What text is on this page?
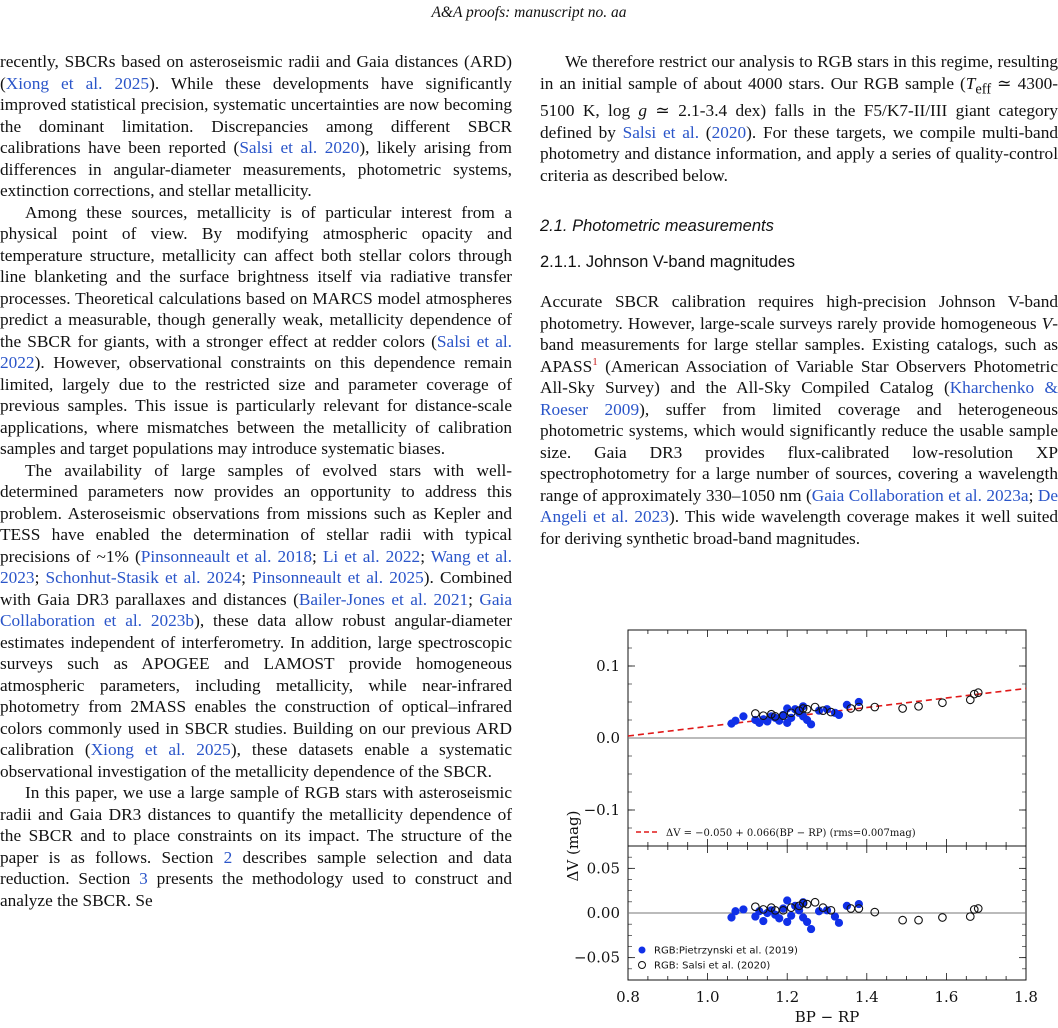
A&A proofs: manuscript no. aa

recently, SBCRs based on asteroseismic radii and Gaia distances (ARD) (Xiong et al. 2025). While these developments have significantly improved statistical precision, systematic uncertainties are now becoming the dominant limitation. Discrepancies among different SBCR calibrations have been reported (Salsi et al. 2020), likely arising from differences in angular-diameter measurements, photometric systems, extinction corrections, and stellar metallicity.

Among these sources, metallicity is of particular interest from a physical point of view. By modifying atmospheric opacity and temperature structure, metallicity can affect both stellar colors through line blanketing and the surface brightness itself via radiative transfer processes. Theoretical calculations based on MARCS model atmospheres predict a measurable, though generally weak, metallicity dependence of the SBCR for giants, with a stronger effect at redder colors (Salsi et al. 2022). However, observational constraints on this dependence remain limited, largely due to the restricted size and parameter coverage of previous samples. This issue is particularly relevant for distance-scale applications, where mismatches between the metallicity of calibration samples and target populations may introduce systematic biases.

The availability of large samples of evolved stars with well-determined parameters now provides an opportunity to address this problem. Asteroseismic observations from missions such as Kepler and TESS have enabled the determination of stellar radii with typical precisions of ~1% (Pinsonneault et al. 2018; Li et al. 2022; Wang et al. 2023; Schonhut-Stasik et al. 2024; Pinsonneault et al. 2025). Combined with Gaia DR3 parallaxes and distances (Bailer-Jones et al. 2021; Gaia Collaboration et al. 2023b), these data allow robust angular-diameter estimates independent of interferometry. In addition, large spectroscopic surveys such as APOGEE and LAMOST provide homogeneous atmospheric parameters, including metallicity, while near-infrared photometry from 2MASS enables the construction of optical–infrared colors commonly used in SBCR studies. Building on our previous ARD calibration (Xiong et al. 2025), these datasets enable a systematic observational investigation of the metallicity dependence of the SBCR.

In this paper, we use a large sample of RGB stars with asteroseismic radii and Gaia DR3 distances to quantify the metallicity dependence of the SBCR and to place constraints on its impact. The structure of the paper is as follows. Section 2 describes sample selection and data reduction. Section 3 presents the methodology used to construct and analyze the SBCR. Se

We therefore restrict our analysis to RGB stars in this regime, resulting in an initial sample of about 4000 stars. Our RGB sample ($T_{eff}$ ≃ 4300-5100 K, log g ≃ 2.1-3.4 dex) falls in the F5/K7-II/III giant category defined by Salsi et al. (2020). For these targets, we compile multi-band photometry and distance information, and apply a series of quality-control criteria as described below.

2.1. Photometric measurements

2.1.1. Johnson V-band magnitudes

Accurate SBCR calibration requires high-precision Johnson V-band photometry. However, large-scale surveys rarely provide homogeneous V-band measurements for large stellar samples. Existing catalogs, such as APASS$^1$ (American Association of Variable Star Observers Photometric All-Sky Survey) and the All-Sky Compiled Catalog (Kharchenko & Roeser 2009), suffer from limited coverage and heterogeneous photometric systems, which would significantly reduce the usable sample size. Gaia DR3 provides flux-calibrated low-resolution XP spectrophotometry for a large number of sources, covering a wavelength range of approximately 330–1050 nm (Gaia Collaboration et al. 2023a; De Angeli et al. 2023). This wide wavelength coverage makes it well suited for deriving synthetic broad-band magnitudes.

−0.1
0.0
0.1
ΔV = −0.050 + 0.066(BP − RP) (rms=0.007mag)
−0.05
0.00
0.05
RGB:Pietrzynski et al. (2019)
RGB: Salsi et al. (2020)
0.8	1.0	1.2	1.4	1.6	1.8
BP − RP
ΔV (mag)
